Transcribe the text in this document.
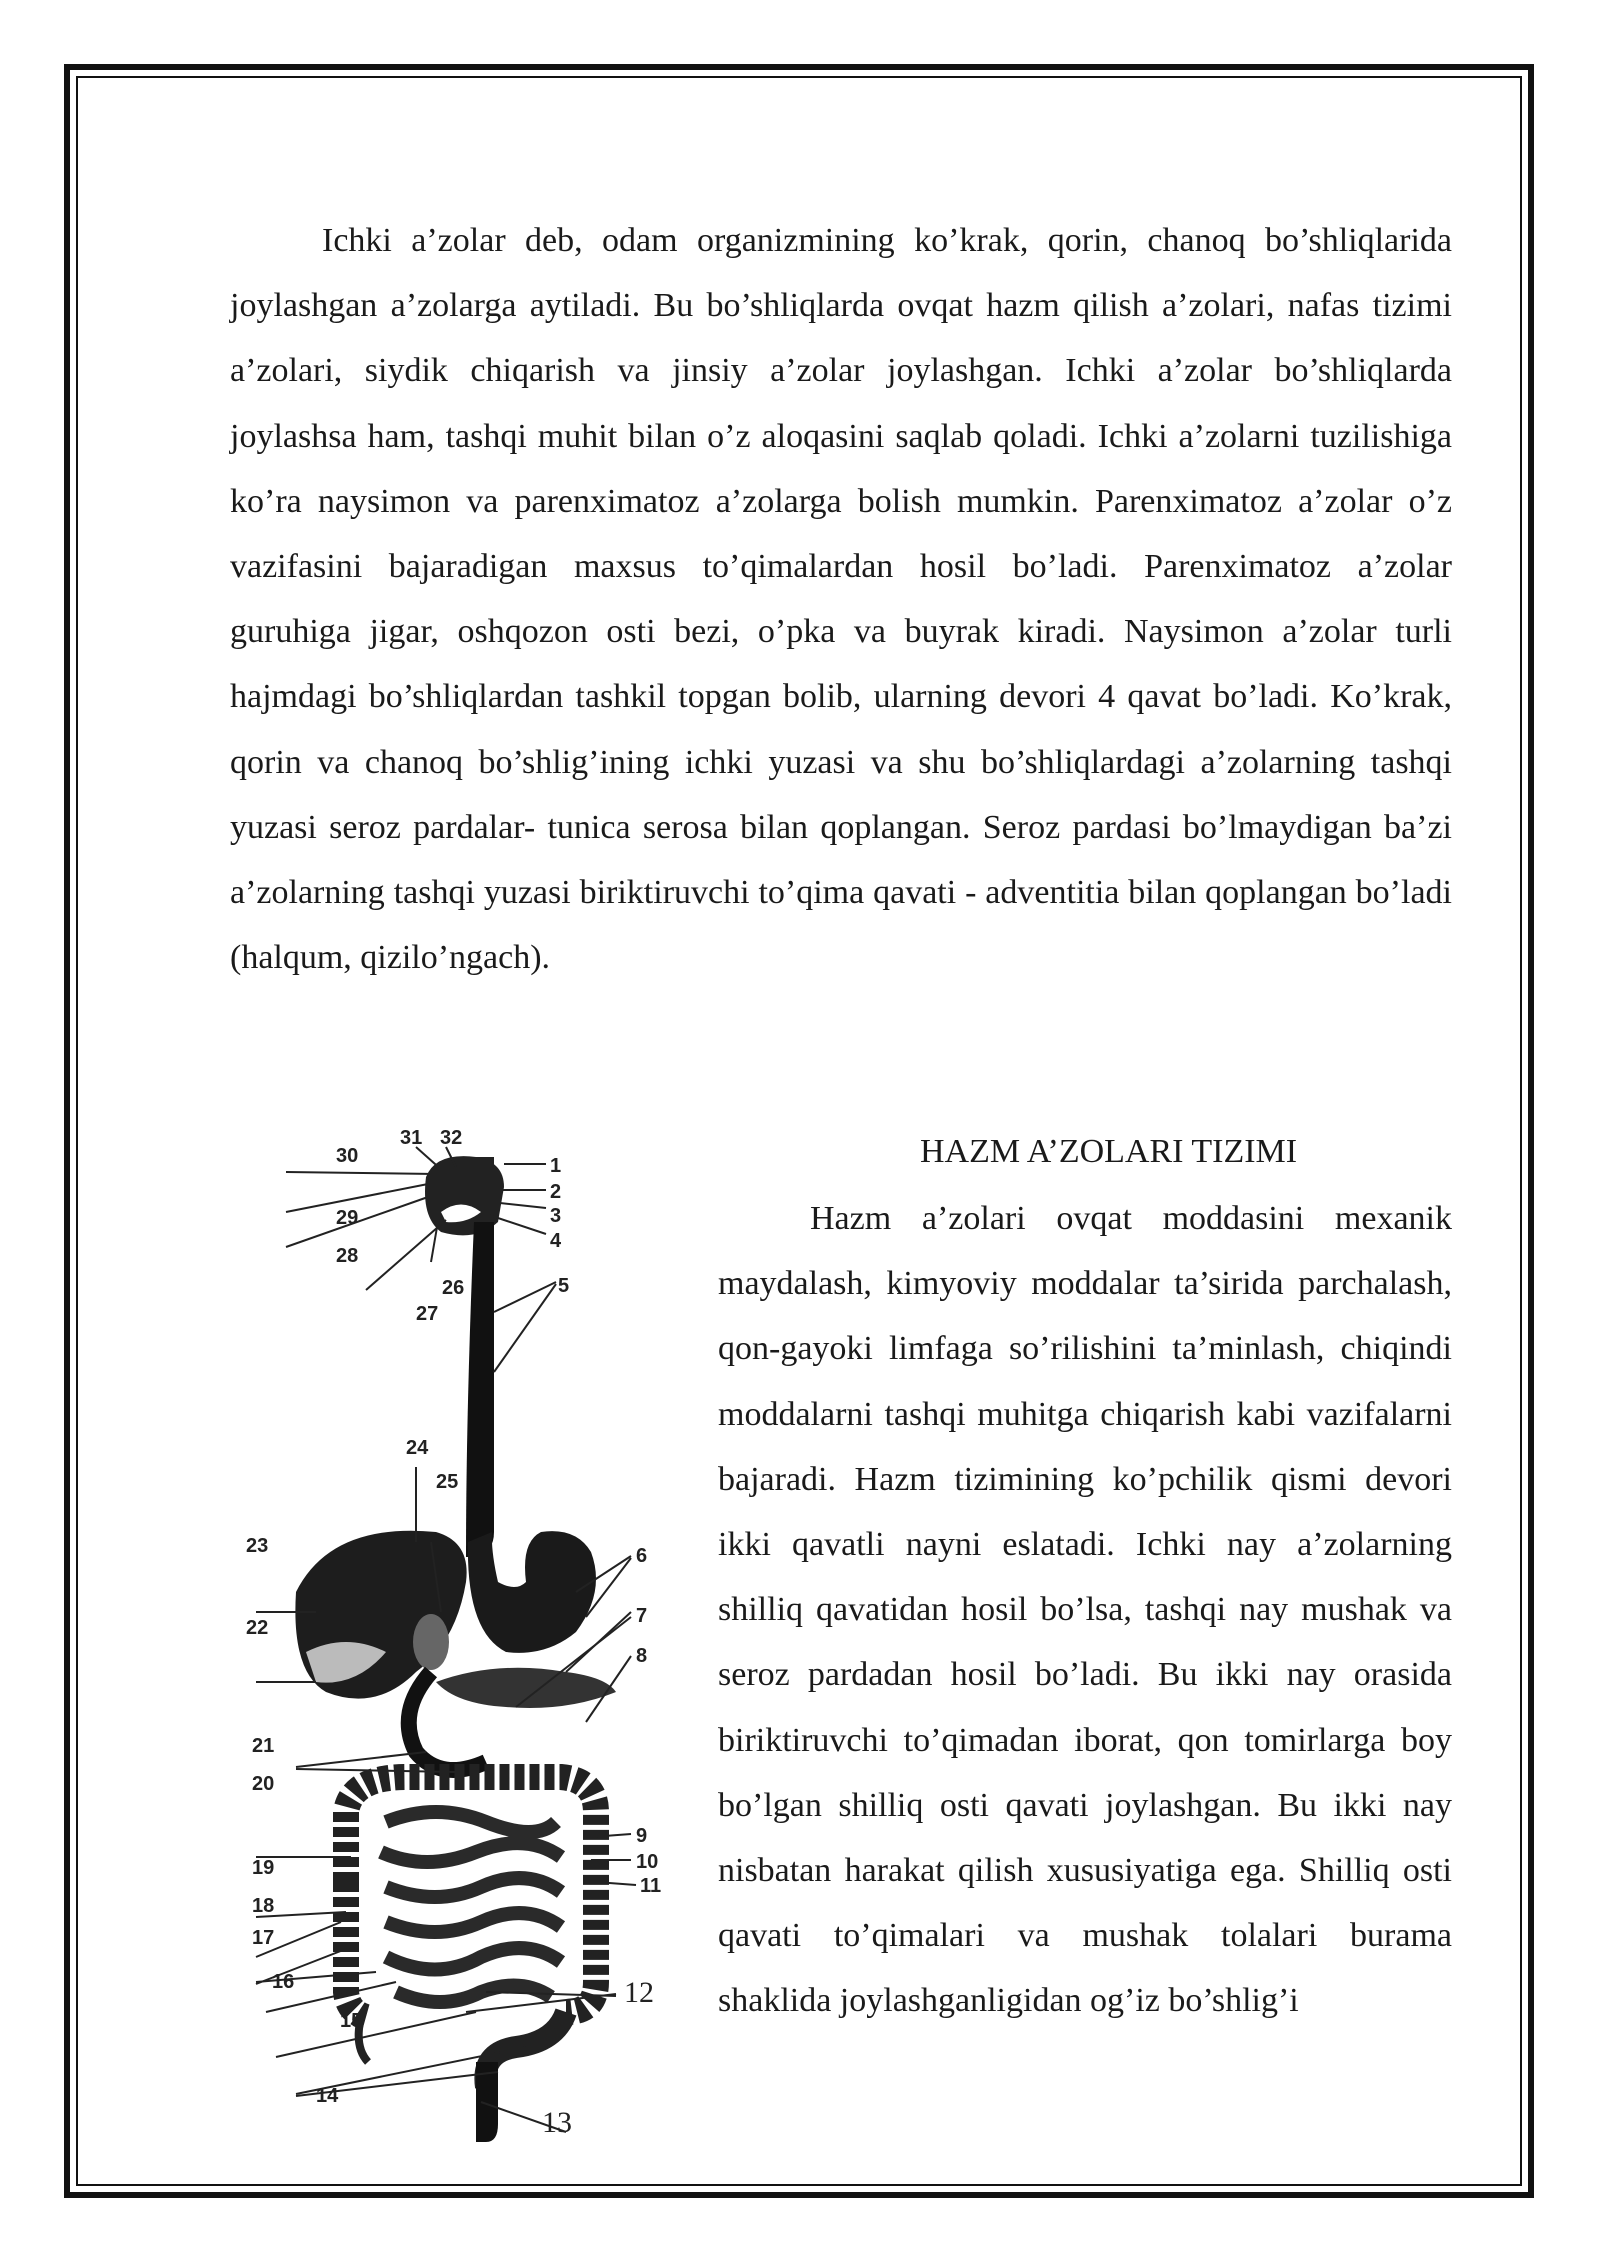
Ichki a’zolar deb, odam organizmining ko’krak, qorin, chanoq bo’shliqlarida joylashgan a’zolarga aytiladi. Bu bo’shliqlarda ovqat hazm qilish a’zolari, nafas tizimi a’zolari, siydik chiqarish va jinsiy a’zolar joylashgan. Ichki a’zolar bo’shliqlarda joylashsa ham, tashqi muhit bilan o’z aloqasini saqlab qoladi. Ichki a’zolarni tuzilishiga ko’ra naysimon va parenximatoz a’zolarga bolish mumkin. Parenximatoz a’zolar o’z vazifasini bajaradigan maxsus to’qimalardan hosil bo’ladi. Parenximatoz a’zolar guruhiga jigar, oshqozon osti bezi, o’pka va buyrak kiradi. Naysimon a’zolar turli hajmdagi bo’shliqlardan tashkil topgan bolib, ularning devori 4 qavat bo’ladi. Ko’krak, qorin va chanoq bo’shlig’ining ichki yuzasi va shu bo’shliqlardagi a’zolarning tashqi yuzasi seroz pardalar- tunica serosa bilan qoplangan. Seroz pardasi bo’lmaydigan ba’zi a’zolarning tashqi yuzasi biriktiruvchi to’qima qavati - adventitia bilan qoplangan bo’ladi (halqum, qizilo’ngach).

HAZM A’ZOLARI TIZIMI

Hazm a’zolari ovqat moddasini mexanik maydalash, kimyoviy moddalar ta’sirida parchalash, qon-gayoki limfaga so’rilishini ta’minlash, chiqindi moddalarni tashqi muhitga chiqarish kabi vazifalarni bajaradi. Hazm tizimining ko’pchilik qismi devori ikki qavatli nayni eslatadi. Ichki nay a’zolarning shilliq qavatidan hosil bo’lsa, tashqi nay mushak va seroz pardadan hosil bo’ladi. Bu ikki nay orasida biriktiruvchi to’qimadan iborat, qon tomirlarga boy bo’lgan shilliq osti qavati joylashgan. Bu ikki nay nisbatan harakat qilish xususiyatiga ega. Shilliq osti qavati to’qimalari va mushak tolalari burama shaklida joylashganligidan og’iz bo’shlig’i

1
2
3
4
5
6
7
8
9
10
11
12
13
14
15
16
17
18
19
20
21
22
23
24
25
26
27
28
29
30
31 32
